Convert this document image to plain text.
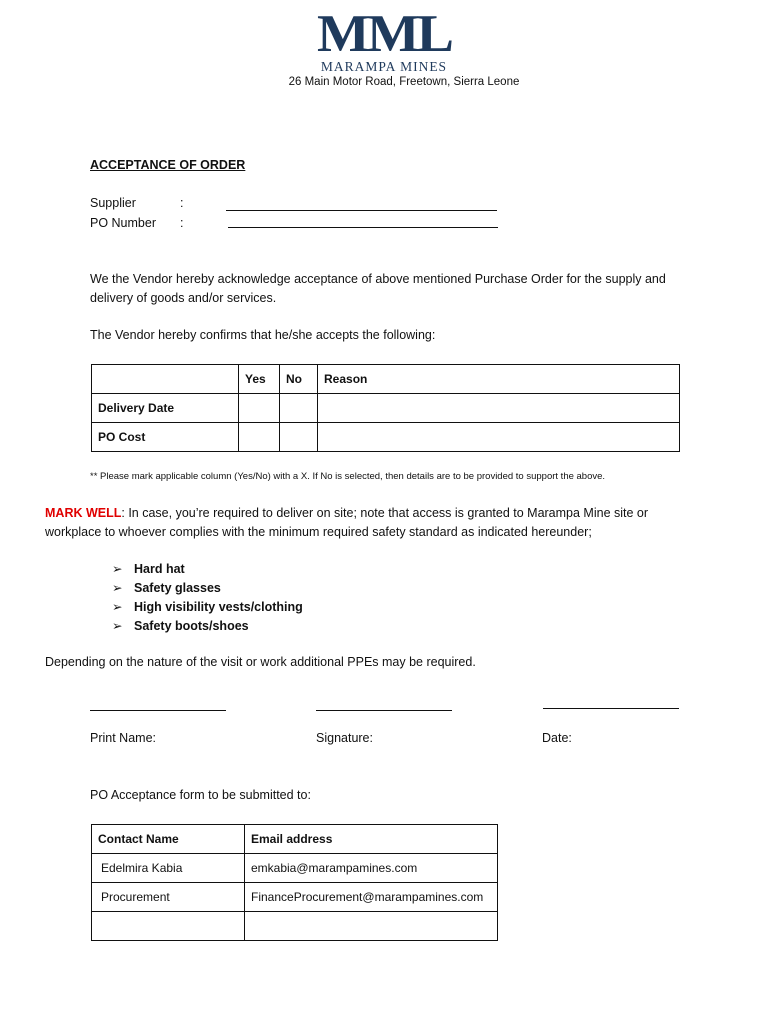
MML
MARAMPA MINES
26 Main Motor Road, Freetown, Sierra Leone
ACCEPTANCE OF ORDER
Supplier	:
PO Number :
We the Vendor hereby acknowledge acceptance of above mentioned Purchase Order for the supply and
delivery of goods and/or services.
The Vendor hereby confirms that he/she accepts the following:
	Yes	No	Reason
Delivery Date			
PO Cost			
** Please mark applicable column (Yes/No) with a X. If No is selected, then details are to be provided to support the above.
MARK WELL: In case, you’re required to deliver on site; note that access is granted to Marampa Mine site or
workplace to whoever complies with the minimum required safety standard as indicated hereunder;
➢ Hard hat
➢ Safety glasses
➢ High visibility vests/clothing
➢ Safety boots/shoes
Depending on the nature of the visit or work additional PPEs may be required.
Print Name:	Signature:	Date:
PO Acceptance form to be submitted to:
Contact Name	Email address
Edelmira Kabia	emkabia@marampamines.com
Procurement	FinanceProcurement@marampamines.com
